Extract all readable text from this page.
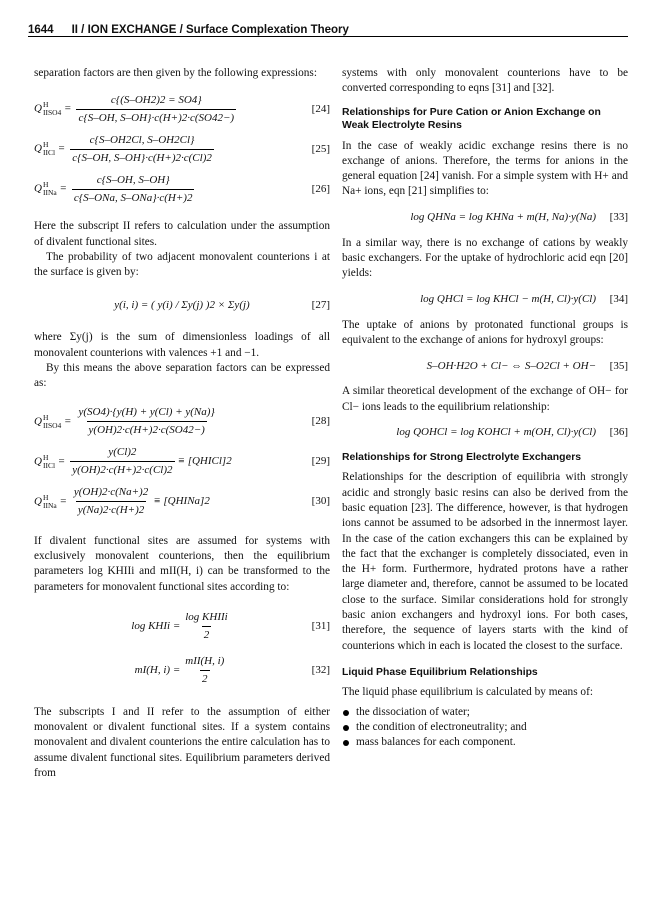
1644 II / ION EXCHANGE / Surface Complexation Theory

separation factors are then given by the following expressions:

Q H
IISO4 = $\frac{c\{(S-OH2)2 = SO4\}}{c\{S-OH, S-OH\}\cdot c(H+)2\cdot c(SO42-)}$	[24]
Q H
IICl = $\frac{c\{S-OH2Cl, S-OH2Cl\}}{c\{S-OH, S-OH\}\cdot c(H+)2\cdot c(Cl)2}$	[25]
Q H
IINa = $\frac{c\{S-OH, S-OH\}}{\text{c\{S–ONa, S–ONa\}·c(H+)2}}$	[26]

Here the subscript II refers to calculation under the assumption of divalent functional sites.

The probability of two adjacent monovalent counterions i at the surface is given by:

y(i, i) = ( y(i) / Σy(j) )2 × Σy(j)	[27]

where Σy(j) is the sum of dimensionless loadings of all monovalent counterions with valences +1 and −1.

By this means the above separation factors can be expressed as:

Q H
IISO4 = $\frac{y(SO4)\cdot\{y(H) + y(Cl) + y(Na)\}}{y(OH)2\cdot c(H+)2\cdot c(SO42-)}$	[28]
Q H
IICl = $\frac{y(Cl)2}{y(OH)2\cdot c(H+)2\cdot c(Cl)2}$ ≡ [QHICl]2	[29]
Q H
IINa = $\frac{y(OH)2\cdot c(Na+)2}{y(Na)2\cdot c(H+)2}$ ≡ [QHINa]2	[30]

If divalent functional sites are assumed for systems with exclusively monovalent counterions, then the equilibrium parameters log KHIIi and mII(H, i) can be transformed to the parameters for monovalent functional sites according to:

log KHIi = $\frac{\text{log KHIIi}}{2}$	[31]
mI(H, $i) = \frac{\text{mII(H, i)}}{2}$	[32]

The subscripts I and II refer to the assumption of either monovalent or divalent functional sites. If a system contains monovalent and divalent counterions the entire calculation has to assume divalent functional sites. Equilibrium parameters derived from

systems with only monovalent counterions have to be converted corresponding to eqns [31] and [32].

Relationships for Pure Cation or Anion Exchange on Weak Electrolyte Resins

In the case of weakly acidic exchange resins there is no exchange of anions. Therefore, the terms for anions in the general equation [24] vanish. For a simple system with H+ and Na+ ions, eqn [21] simplifies to:

log QHNa = log KHNa + m(H, Na)·y(Na) [33]

In a similar way, there is no exchange of cations by weakly basic exchangers. For the uptake of hydrochloric acid eqn [20] yields:

log QHCl = log KHCl − m(H, Cl)·y(Cl) [34]

The uptake of anions by protonated functional groups is equivalent to the exchange of anions for hydroxyl groups:

S–OH·H2O + Cl− ⇔ S–O2Cl + OH− [35]

A similar theoretical development of the exchange of OH− for Cl− ions leads to the equilibrium relationship:

log QOHCl = log KOHCl + m(OH, Cl)·y(Cl) [36]
Relationships for Strong Electrolyte Exchangers

Relationships for the description of equilibria with strongly acidic and strongly basic resins can also be derived from the basic equation [23]. The difference, however, is that hydrogen ions cannot be assumed to be adsorbed in the innermost layer. In the case of the cation exchangers this can be explained by the fact that the exchanger is completely dissociated, even in the H+ form. Furthermore, hydrated protons have a rather large diameter and, therefore, cannot be assumed to be located close to the surface. Similar considerations hold for strongly basic anion exchangers and hydroxyl ions. For both cases, therefore, the sequence of layers starts with the kind of counterions which in each is located the closest to the surface.

Liquid Phase Equilibrium Relationships

The liquid phase equilibrium is calculated by means of:

the dissociation of water;
the condition of electroneutrality; and
mass balances for each component.
